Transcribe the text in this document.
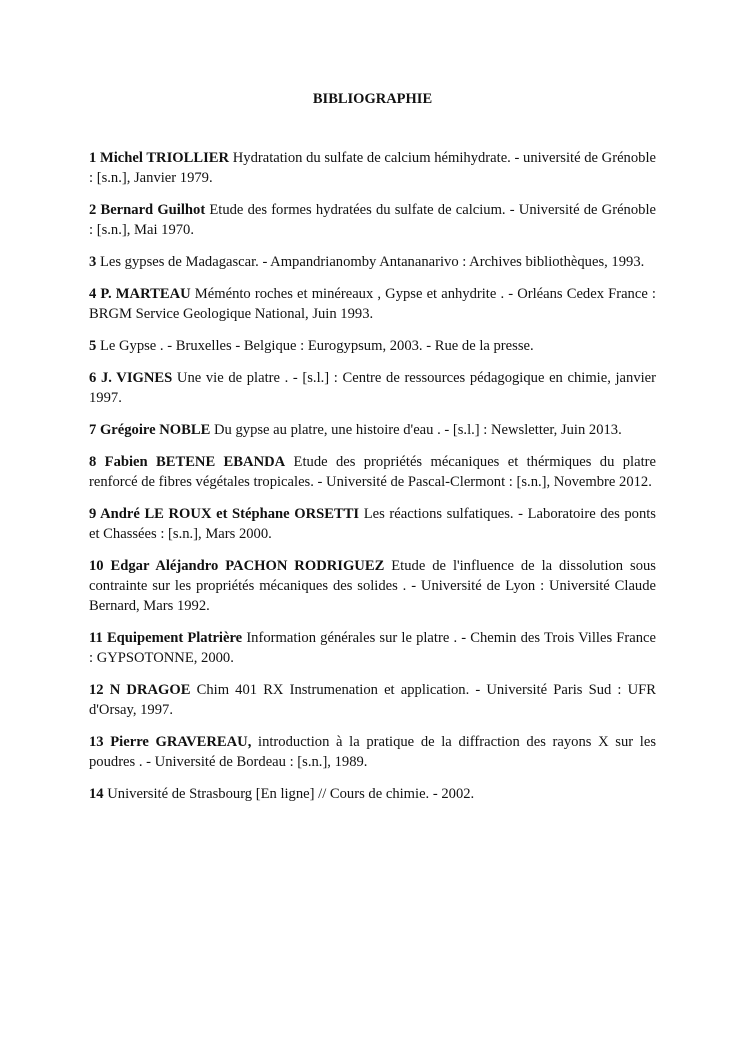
BIBLIOGRAPHIE

1 Michel TRIOLLIER Hydratation du sulfate de calcium hémihydrate. - université de Grénoble : [s.n.], Janvier 1979.

2 Bernard Guilhot Etude des formes hydratées du sulfate de calcium. - Université de Grénoble : [s.n.], Mai 1970.

3 Les gypses de Madagascar. - Ampandrianomby Antananarivo : Archives bibliothèques, 1993.

4 P. MARTEAU Méménto roches et minéreaux , Gypse et anhydrite . - Orléans Cedex France : BRGM Service Geologique National, Juin 1993.

5 Le Gypse . - Bruxelles - Belgique : Eurogypsum, 2003. - Rue de la presse.

6 J. VIGNES Une vie de platre . - [s.l.] : Centre de ressources pédagogique en chimie, janvier 1997.

7 Grégoire NOBLE Du gypse au platre, une histoire d'eau . - [s.l.] : Newsletter, Juin 2013.

8 Fabien BETENE EBANDA Etude des propriétés mécaniques et thérmiques du platre renforcé de fibres végétales tropicales. - Université de Pascal-Clermont : [s.n.], Novembre 2012.

9 André LE ROUX et Stéphane ORSETTI Les réactions sulfatiques. - Laboratoire des ponts et Chassées : [s.n.], Mars 2000.

10 Edgar Aléjandro PACHON RODRIGUEZ Etude de l'influence de la dissolution sous contrainte sur les propriétés mécaniques des solides . - Université de Lyon : Université Claude Bernard, Mars 1992.

11 Equipement Platrière Information générales sur le platre . - Chemin des Trois Villes France : GYPSOTONNE, 2000.

12 N DRAGOE Chim 401 RX Instrumenation et application. - Université Paris Sud : UFR d'Orsay, 1997.

13 Pierre GRAVEREAU, introduction à la pratique de la diffraction des rayons X sur les poudres . - Université de Bordeau : [s.n.], 1989.

14 Université de Strasbourg [En ligne] // Cours de chimie. - 2002.
